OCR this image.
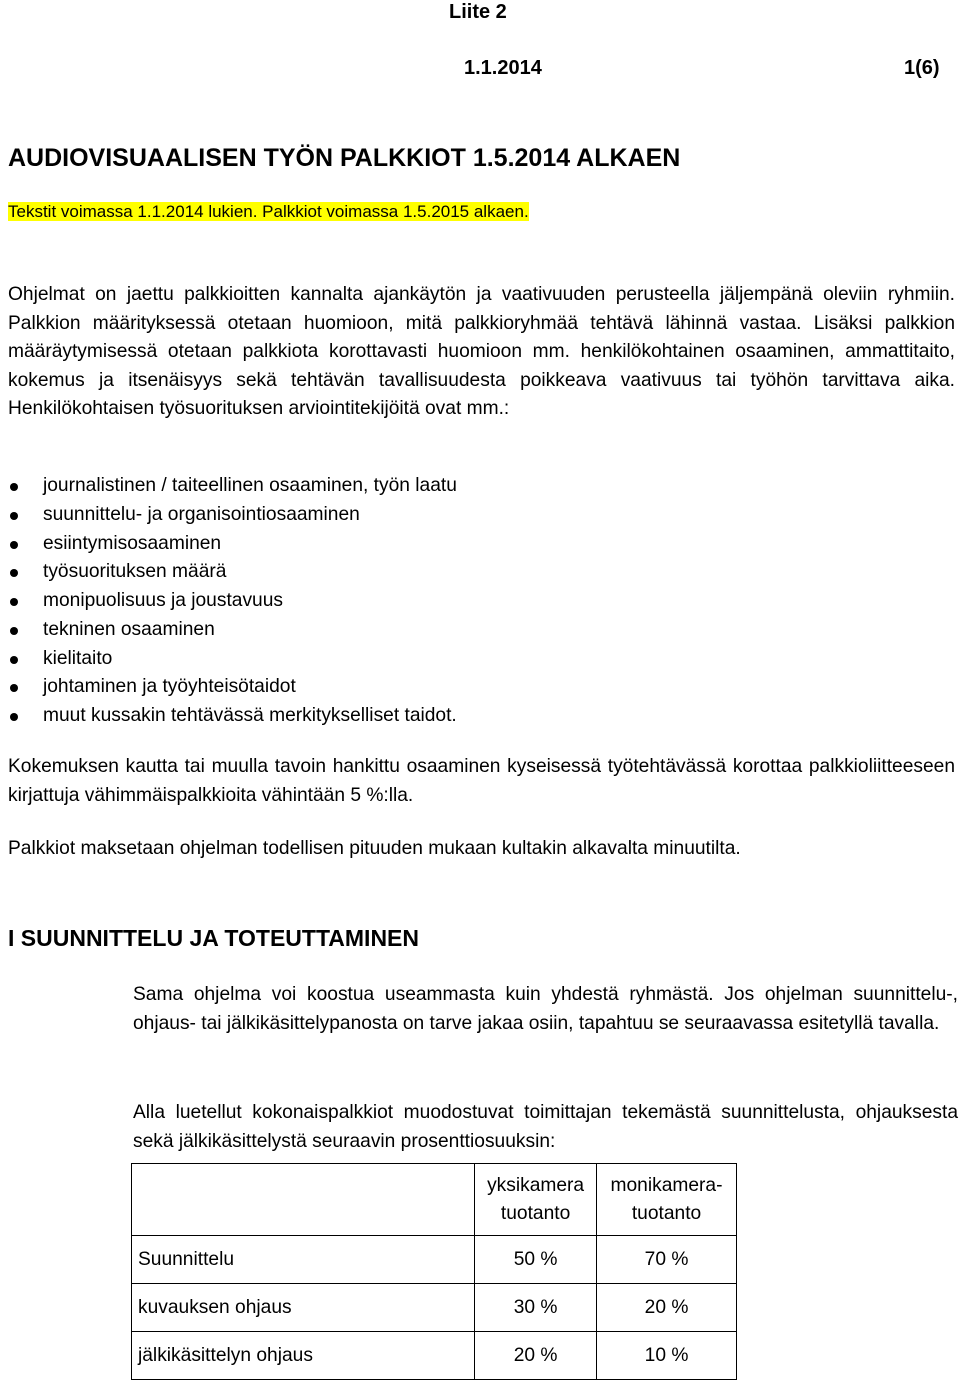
Liite 2
1.1.2014	1(6)
AUDIOVISUAALISEN TYÖN PALKKIOT 1.5.2014 ALKAEN
Tekstit voimassa 1.1.2014 lukien. Palkkiot voimassa 1.5.2015 alkaen.

Ohjelmat on jaettu palkkioitten kannalta ajankäytön ja vaativuuden perusteella jäljempänä oleviin ryhmiin. Palkkion määrityksessä otetaan huomioon, mitä palkkioryhmää tehtävä lähinnä vastaa. Lisäksi palkkion määräytymisessä otetaan palkkiota korottavasti huomioon mm. henkilökohtainen osaaminen, ammattitaito, kokemus ja itsenäisyys sekä tehtävän tavallisuudesta poikkeava vaativuus tai työhön tarvittava aika. Henkilökohtaisen työsuorituksen arviointitekijöitä ovat mm.:

journalistinen / taiteellinen osaaminen, työn laatu
suunnittelu- ja organisointiosaaminen
esiintymisosaaminen
työsuorituksen määrä
monipuolisuus ja joustavuus
tekninen osaaminen
kielitaito
johtaminen ja työyhteisötaidot
muut kussakin tehtävässä merkitykselliset taidot.

Kokemuksen kautta tai muulla tavoin hankittu osaaminen kyseisessä työtehtävässä korottaa palkkioliitteeseen kirjattuja vähimmäispalkkioita vähintään 5 %:lla.

Palkkiot maksetaan ohjelman todellisen pituuden mukaan kultakin alkavalta minuutilta.

I SUUNNITTELU JA TOTEUTTAMINEN

Sama ohjelma voi koostua useammasta kuin yhdestä ryhmästä. Jos ohjelman suunnittelu-, ohjaus- tai jälkikäsittelypanosta on tarve jakaa osiin, tapahtuu se seuraavassa esitetyllä tavalla.

Alla luetellut kokonaispalkkiot muodostuvat toimittajan tekemästä suunnittelusta, ohjauksesta sekä jälkikäsittelystä seuraavin prosenttiosuuksin:

	yksikamera tuotanto	monikamera-tuotanto
Suunnittelu	50 %	70 %
kuvauksen ohjaus	30 %	20 %
jälkikäsittelyn ohjaus	20 %	10 %
